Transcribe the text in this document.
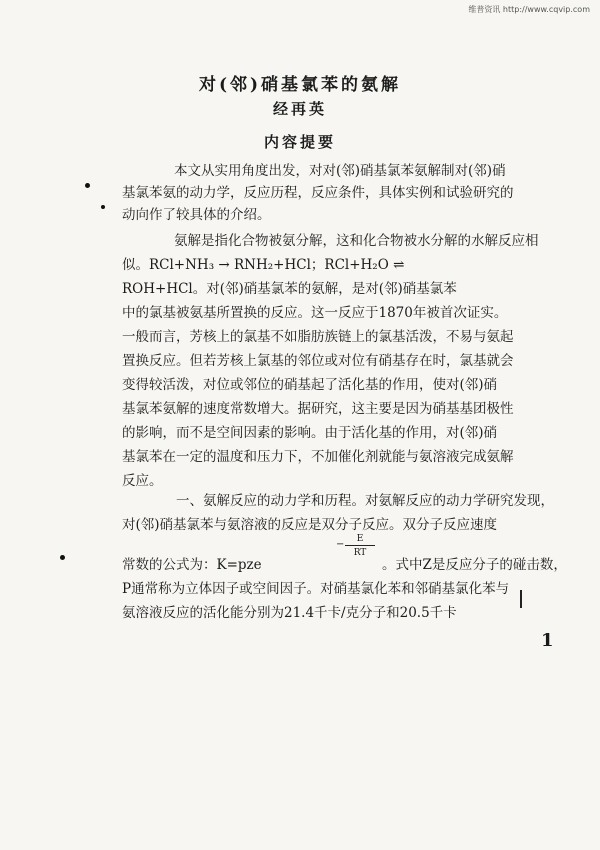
维普资讯 http://www.cqvip.com
对(邻)硝基氯苯的氨解
经再英
内容提要
本文从实用角度出发，对对(邻)硝基氯苯氨解制对(邻)硝
基氯苯氨的动力学，反应历程，反应条件，具体实例和试验研究的
动向作了较具体的介绍。
氨解是指化合物被氨分解，这和化合物被水分解的水解反应相
似。RCl+NH₃ → RNH₂+HCl；RCl+H₂O ⇌
ROH+HCl。对(邻)硝基氯苯的氨解，是对(邻)硝基氯苯
中的氯基被氨基所置换的反应。这一反应于1870年被首次证实。
一般而言，芳核上的氯基不如脂肪族链上的氯基活泼，不易与氨起
置换反应。但若芳核上氯基的邻位或对位有硝基存在时，氯基就会
变得较活泼，对位或邻位的硝基起了活化基的作用，使对(邻)硝
基氯苯氨解的速度常数增大。据研究，这主要是因为硝基基团极性
的影响，而不是空间因素的影响。由于活化基的作用，对(邻)硝
基氯苯在一定的温度和压力下，不加催化剂就能与氨溶液完成氨解
反应。
一、氨解反应的动力学和历程。对氨解反应的动力学研究发现，
对(邻)硝基氯苯与氨溶液的反应是双分子反应。双分子反应速度
常数的公式为：K=pze	。式中Z是反应分子的碰击数，
P通常称为立体因子或空间因子。对硝基氯化苯和邻硝基氯化苯与
氨溶液反应的活化能分别为21.4千卡/克分子和20.5千卡
−	E
RT
1
